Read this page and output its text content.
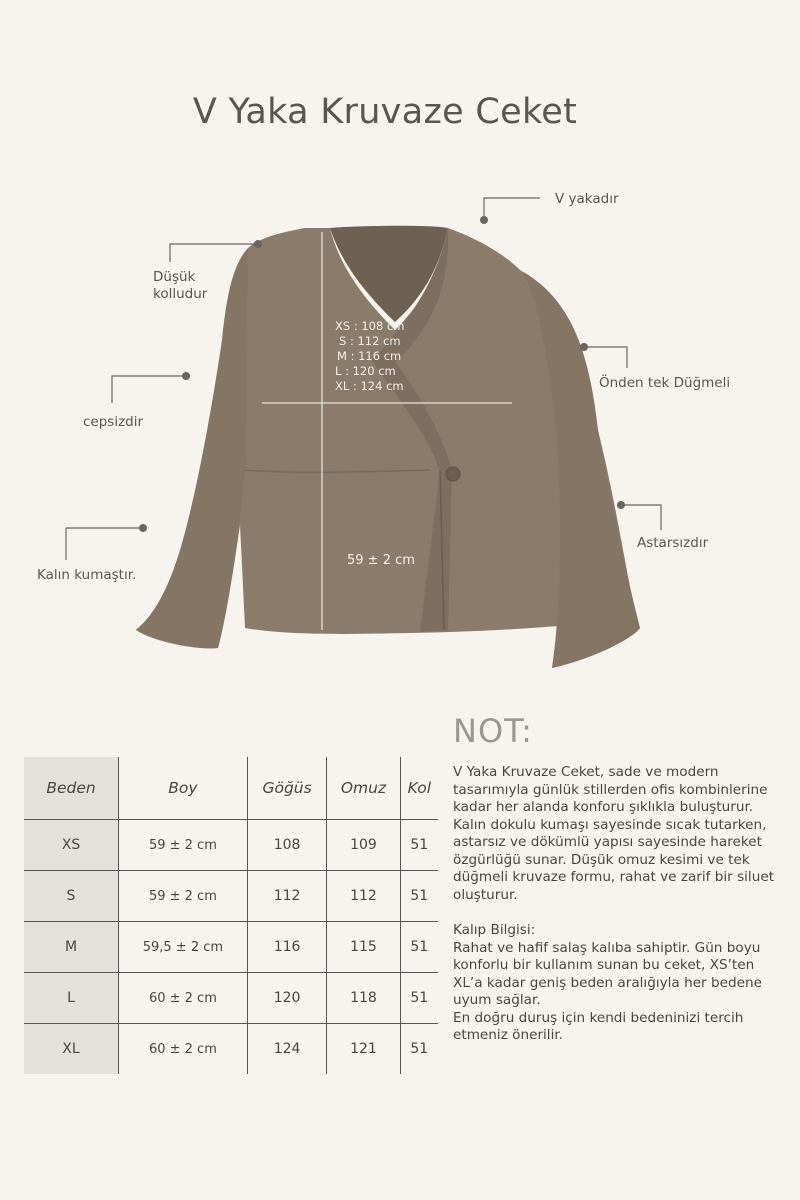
V Yaka Kruvaze Ceket
XS : 108 cm
S : 112 cm
M : 116 cm
L : 120 cm
XL : 124 cm
59 ± 2 cm
V yakadır
Düşük
kolludur
Önden tek Düğmeli
cepsizdir
Astarsızdır
Kalın kumaştır.
Beden	Boy	Göğüs	Omuz	Kol
XS	59 ± 2 cm	108	109	51
S	59 ± 2 cm	112	112	51
M	59,5 ± 2 cm	116	115	51
L	60 ± 2 cm	120	118	51
XL	60 ± 2 cm	124	121	51
NOT:

V Yaka Kruvaze Ceket, sade ve modern tasarımıyla günlük stillerden ofis kombinlerine kadar her alanda konforu şıklıkla buluşturur.

Kalın dokulu kumaşı sayesinde sıcak tutarken, astarsız ve dökümlü yapısı sayesinde hareket özgürlüğü sunar. Düşük omuz kesimi ve tek düğmeli kruvaze formu, rahat ve zarif bir siluet oluşturur.

Kalıp Bilgisi:

Rahat ve hafif salaş kalıba sahiptir. Gün boyu konforlu bir kullanım sunan bu ceket, XS’ten XL’a kadar geniş beden aralığıyla her bedene uyum sağlar.

En doğru duruş için kendi bedeninizi tercih etmeniz önerilir.
